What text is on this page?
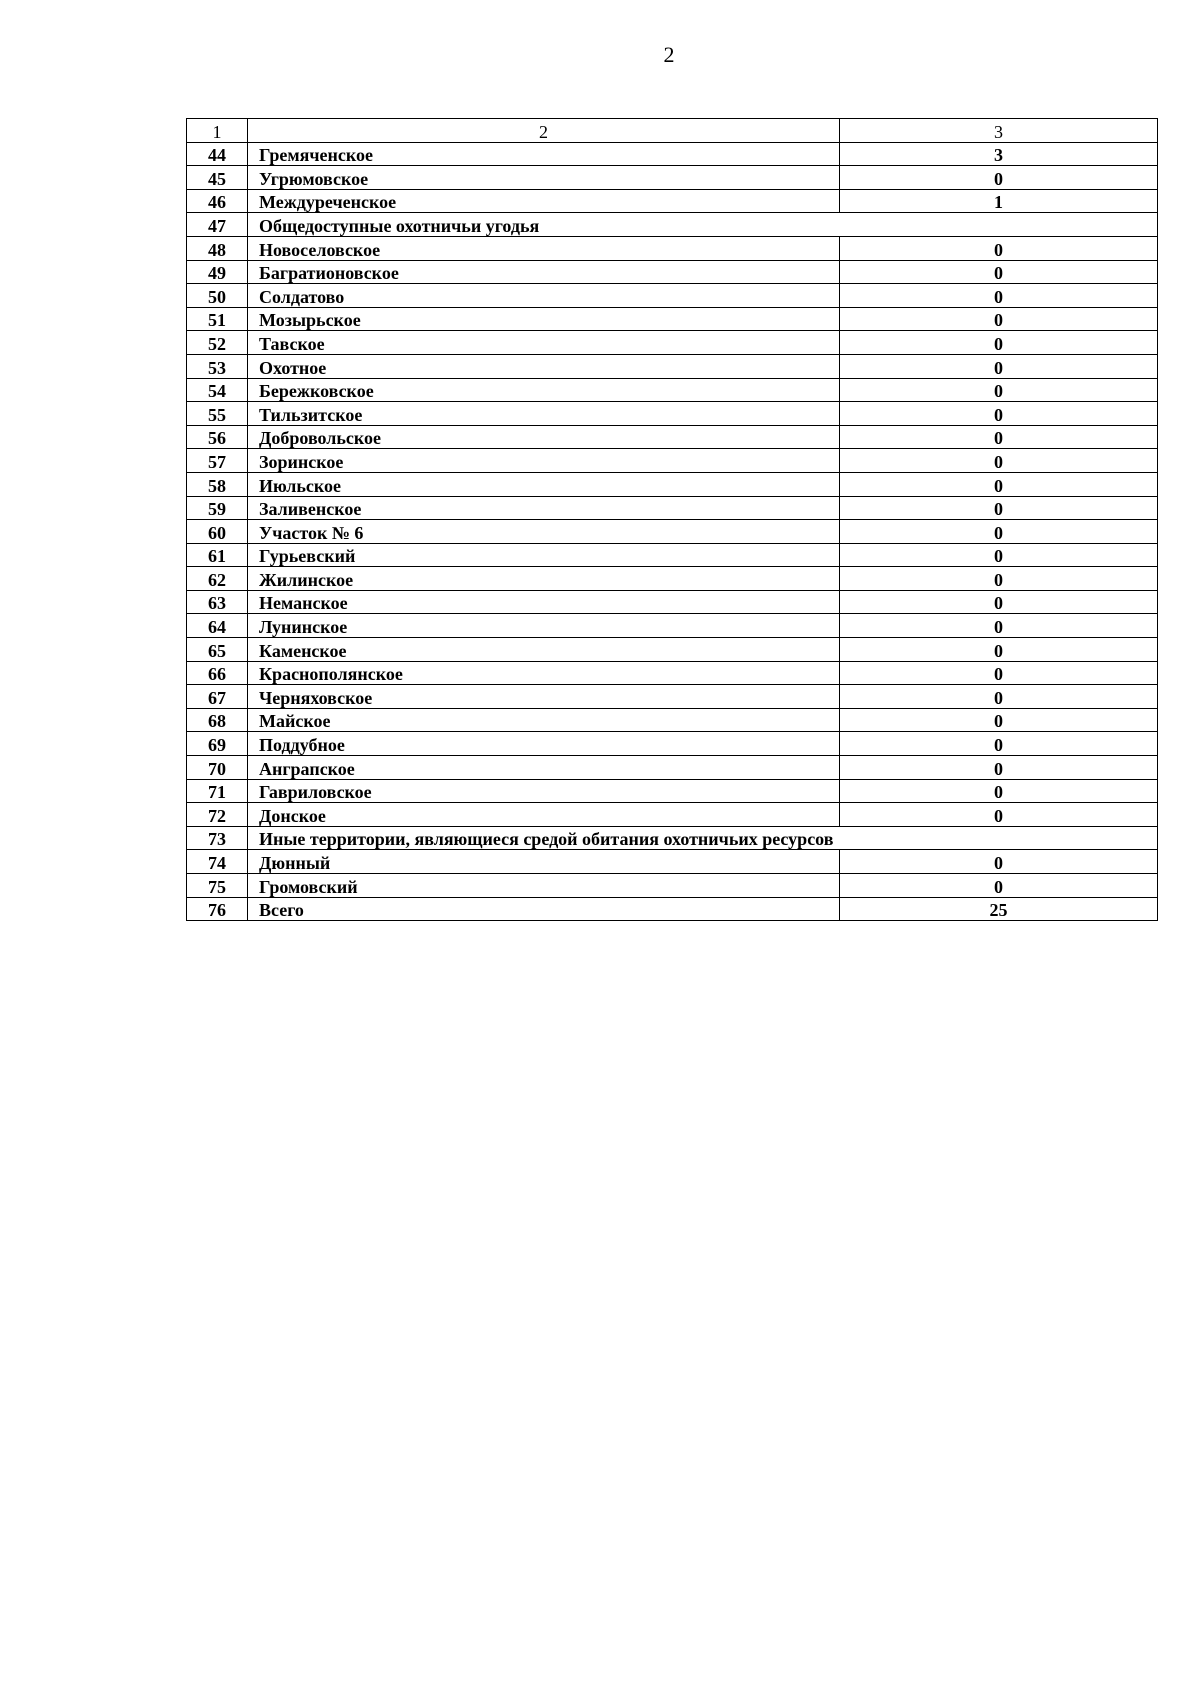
2
1	2	3
44	Гремяченское	3
45	Угрюмовское	0
46	Междуреченское	1
47	Общедоступные охотничьи угодья	
48	Новоселовское	0
49	Багратионовское	0
50	Солдатово	0
51	Мозырьское	0
52	Тавское	0
53	Охотное	0
54	Бережковское	0
55	Тильзитское	0
56	Добровольское	0
57	Зоринское	0
58	Июльское	0
59	Заливенское	0
60	Участок № 6	0
61	Гурьевский	0
62	Жилинское	0
63	Неманское	0
64	Лунинское	0
65	Каменское	0
66	Краснополянское	0
67	Черняховское	0
68	Майское	0
69	Поддубное	0
70	Анграпское	0
71	Гавриловское	0
72	Донское	0
73	Иные территории, являющиеся средой обитания охотничьих ресурсов	
74	Дюнный	0
75	Громовский	0
76	Всего	25
